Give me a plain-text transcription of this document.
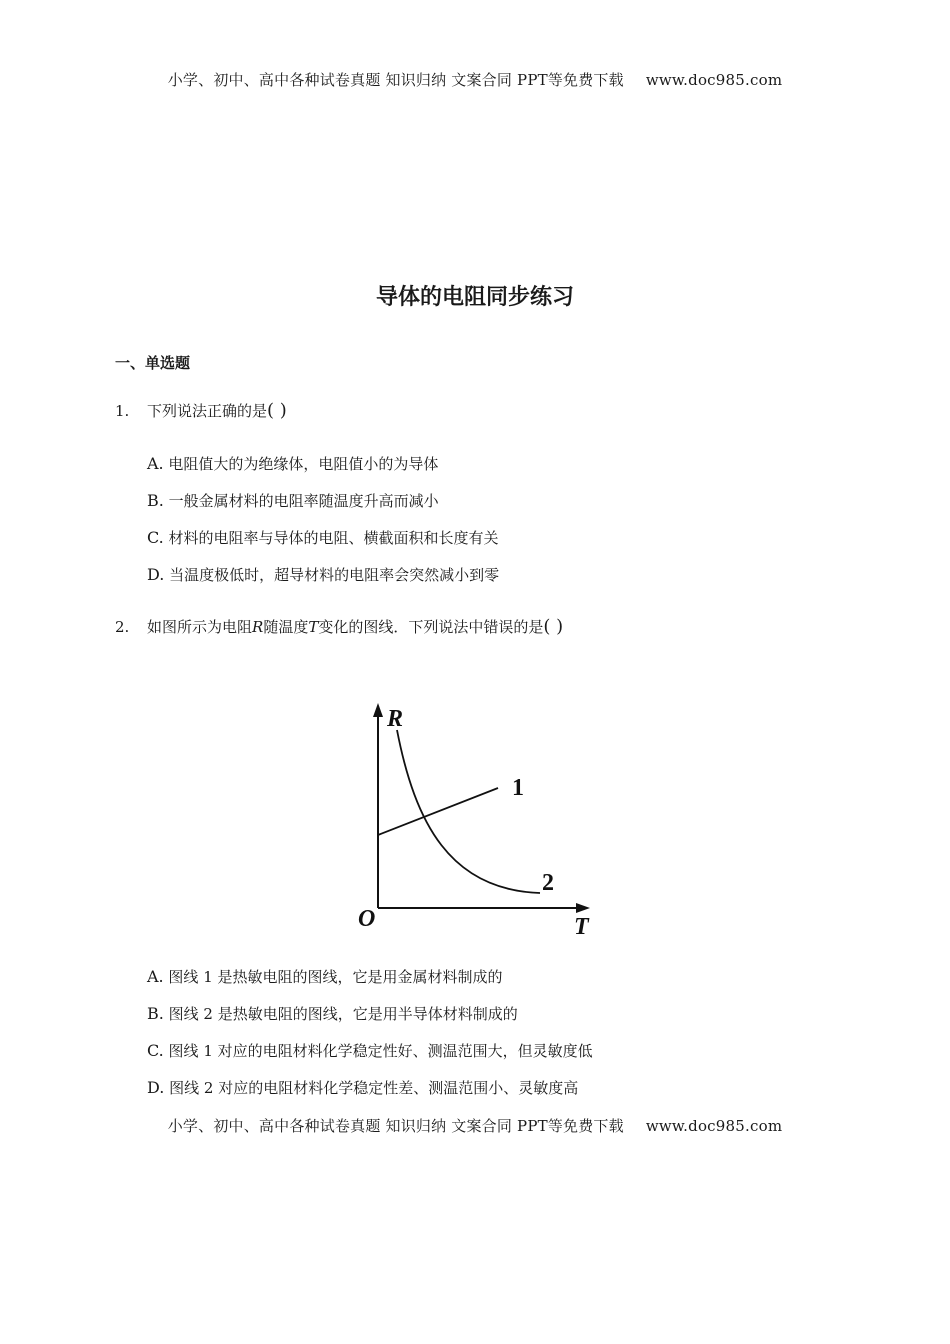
小学、初中、高中各种试卷真题 知识归纳 文案合同 PPT等免费下载 www.doc985.com
导体的电阻同步练习
一、单选题
1. 下列说法正确的是( )
A. 电阻值大的为绝缘体，电阻值小的为导体
B. 一般金属材料的电阻率随温度升高而减小
C. 材料的电阻率与导体的电阻、横截面积和长度有关
D. 当温度极低时，超导材料的电阻率会突然减小到零
2. 如图所示为电阻R随温度T变化的图线．下列说法中错误的是( )
R
T
O
1
2
A. 图线 1 是热敏电阻的图线，它是用金属材料制成的
B. 图线 2 是热敏电阻的图线，它是用半导体材料制成的
C. 图线 1 对应的电阻材料化学稳定性好、测温范围大，但灵敏度低
D. 图线 2 对应的电阻材料化学稳定性差、测温范围小、灵敏度高
小学、初中、高中各种试卷真题 知识归纳 文案合同 PPT等免费下载 www.doc985.com
